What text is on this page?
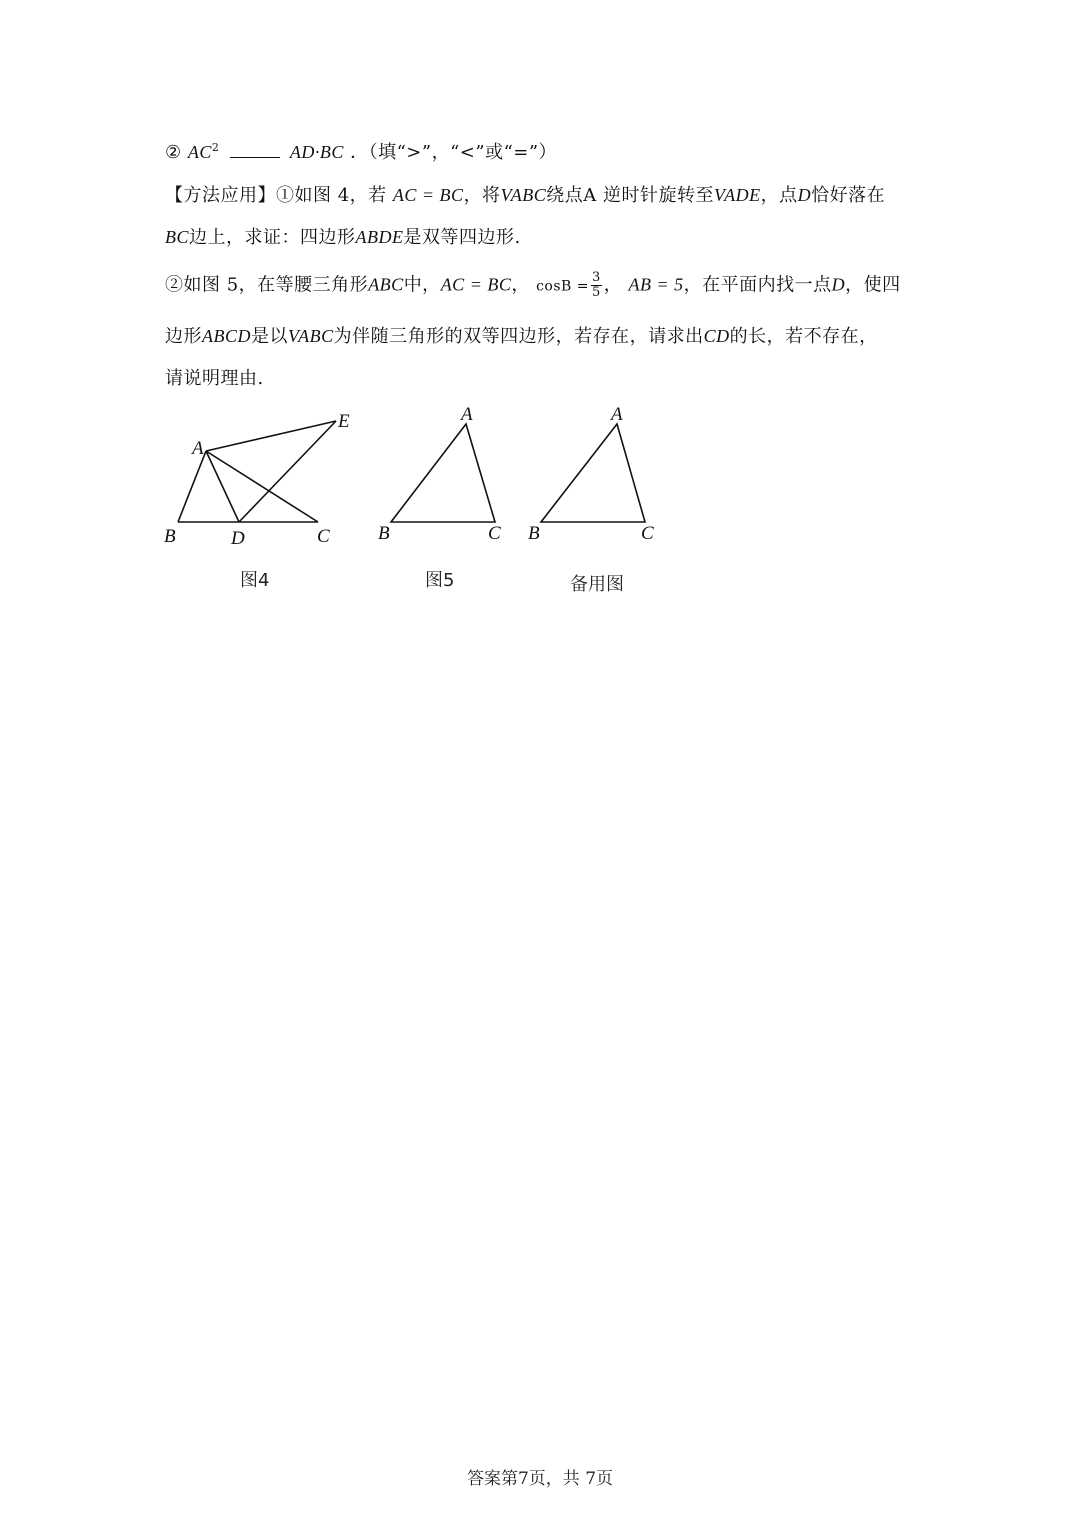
② $AC^2$	AD·BC ．（填“>”，“<”或“=”）
【方法应用】①如图 4，若 AC = BC，将VABC绕点A 逆时针旋转至VADE，点D恰好落在
BC边上，求证：四边形ABDE是双等四边形.
②如图 5，在等腰三角形ABC中，AC = BC， $\cos B = \frac{3}{5}$ ， AB = 5，在平面内找一点D，使四
边形ABCD是以VABC为伴随三角形的双等四边形，若存在，请求出CD的长，若不存在，
请说明理由.
A
B	D	C
E
图4
A
B	C
图5
A
B	C
备用图
答案第7页，共 7页
